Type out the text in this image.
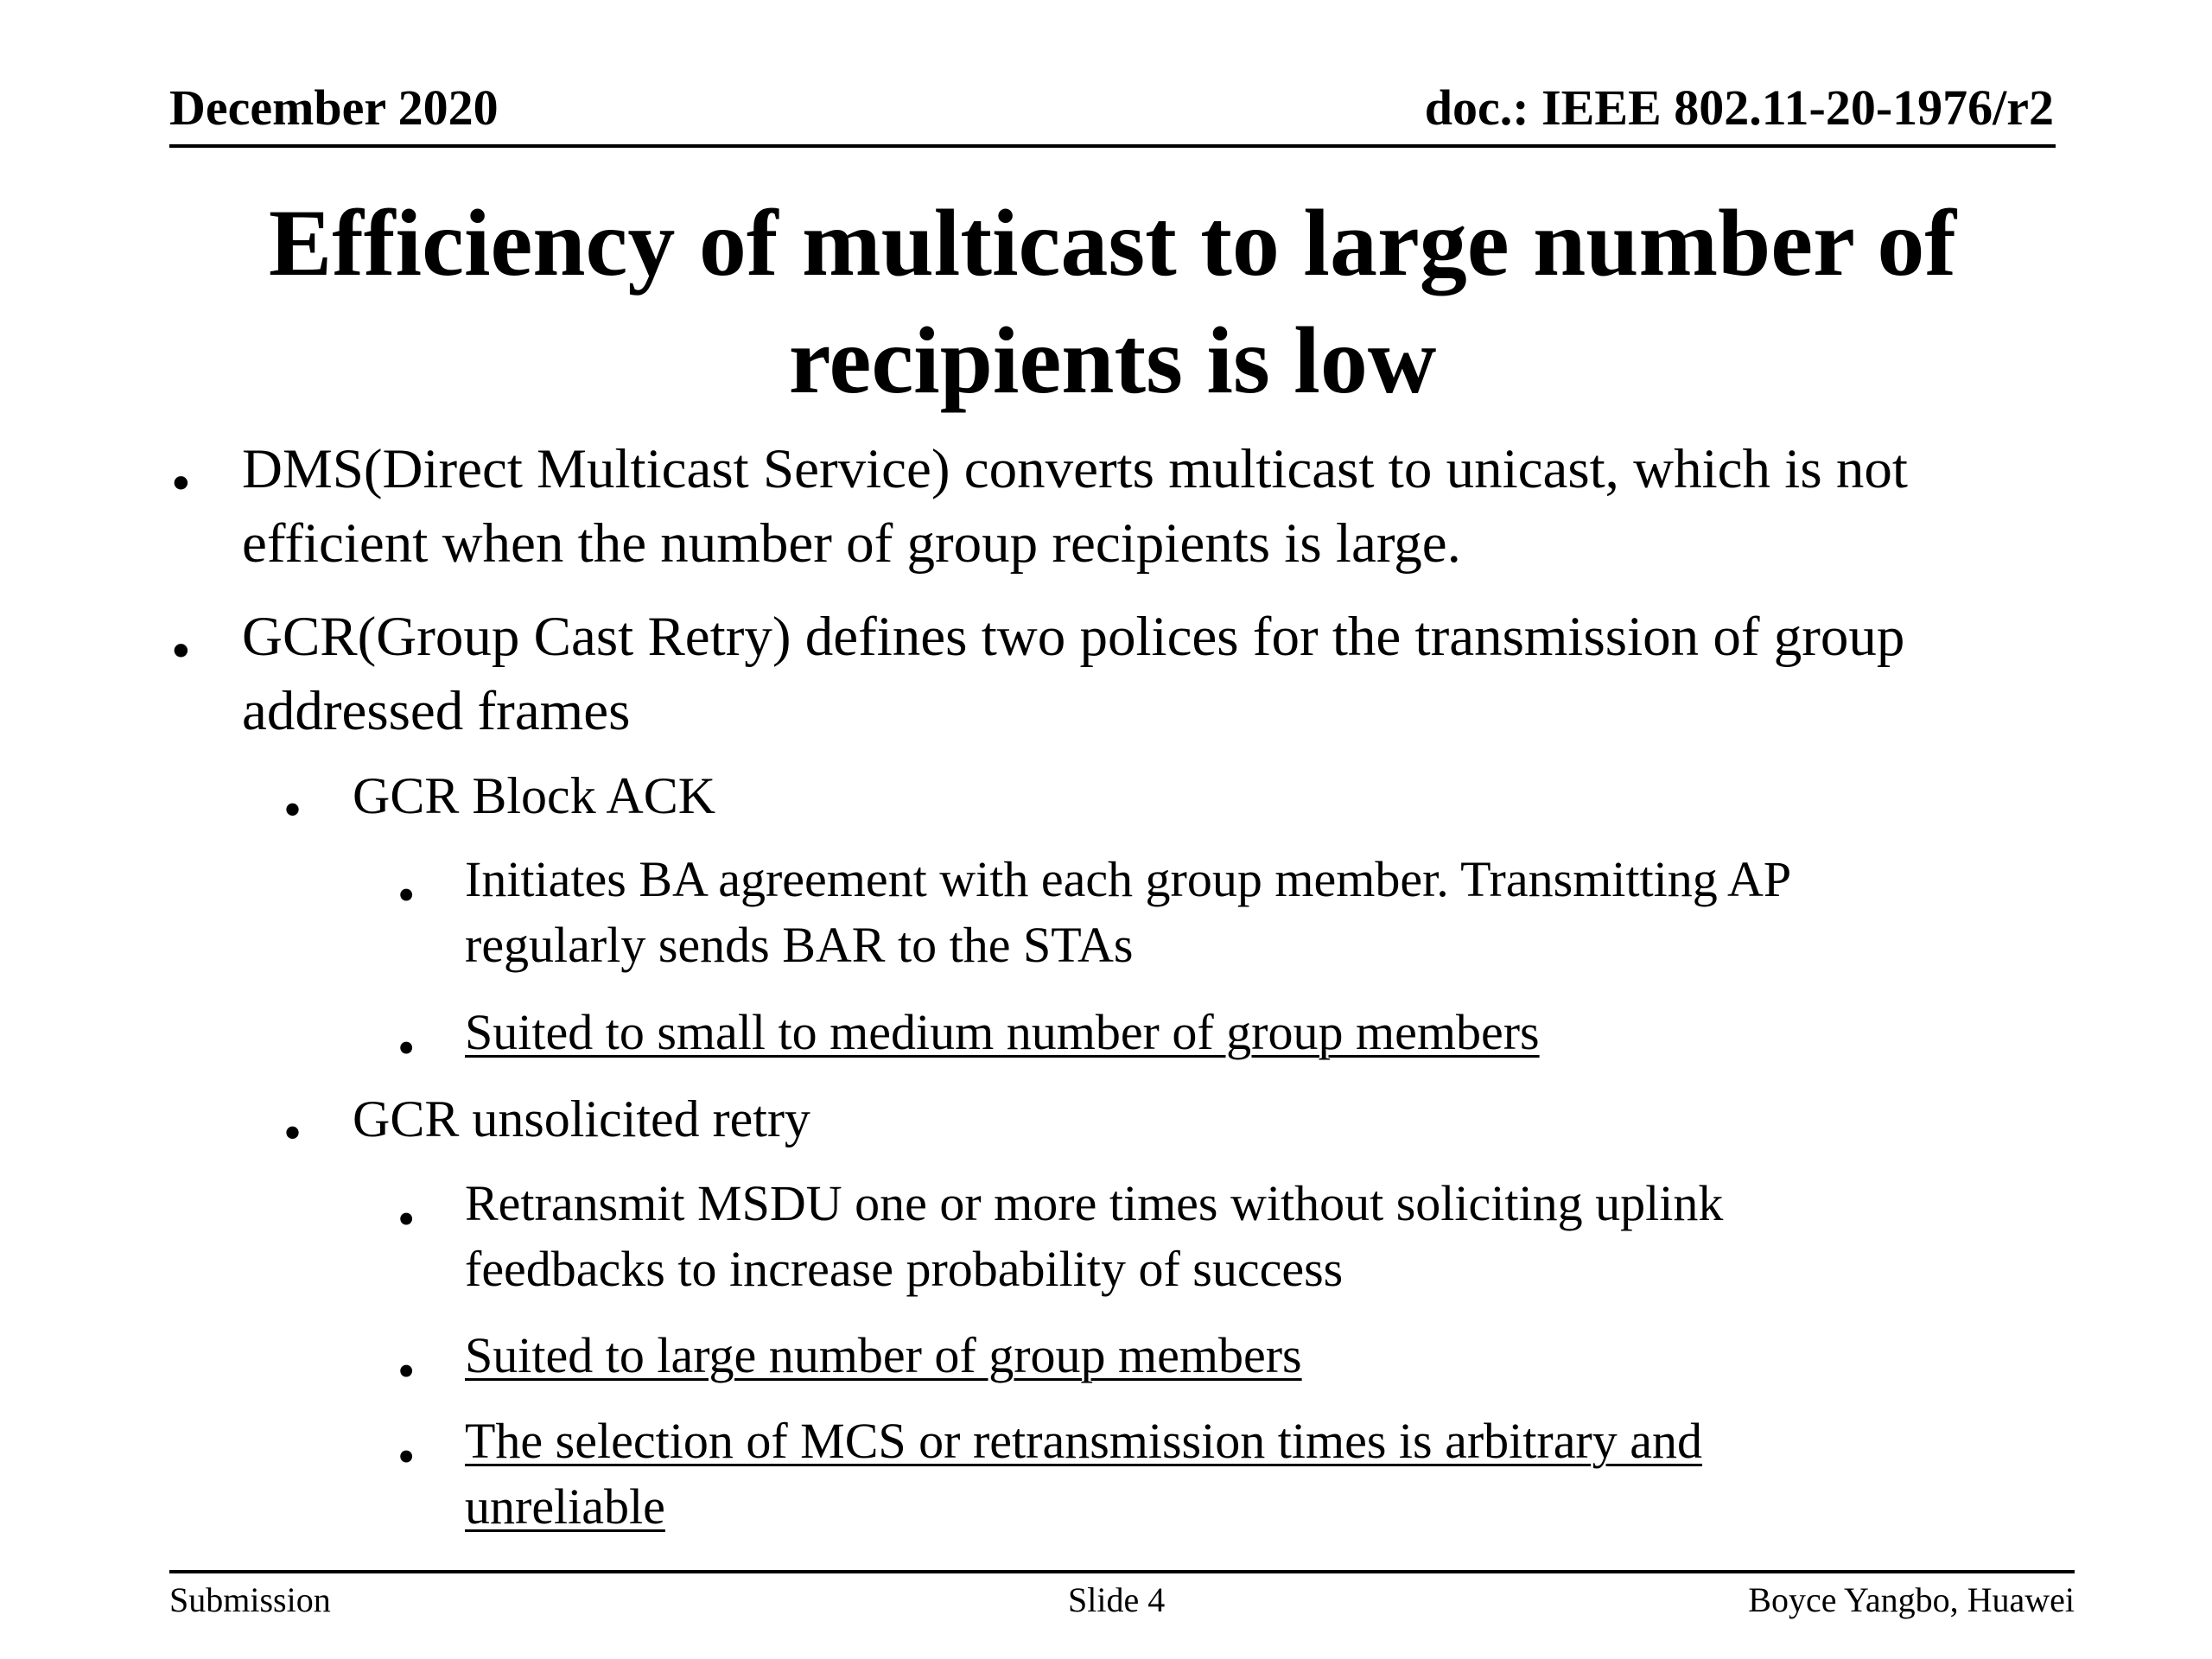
December 2020	doc.: IEEE 802.11-20-1976/r2
Efficiency of multicast to large number of
recipients is low
• DMS(Direct Multicast Service) converts multicast to unicast, which is not
efficient when the number of group recipients is large.
• GCR(Group Cast Retry) defines two polices for the transmission of group
addressed frames
• GCR Block ACK
• Initiates BA agreement with each group member. Transmitting AP
regularly sends BAR to the STAs
• Suited to small to medium number of group members
• GCR unsolicited retry
• Retransmit MSDU one or more times without soliciting uplink
feedbacks to increase probability of success
• Suited to large number of group members
• The selection of MCS or retransmission times is arbitrary and
unreliable
Submission	Slide 4	Boyce Yangbo, Huawei
